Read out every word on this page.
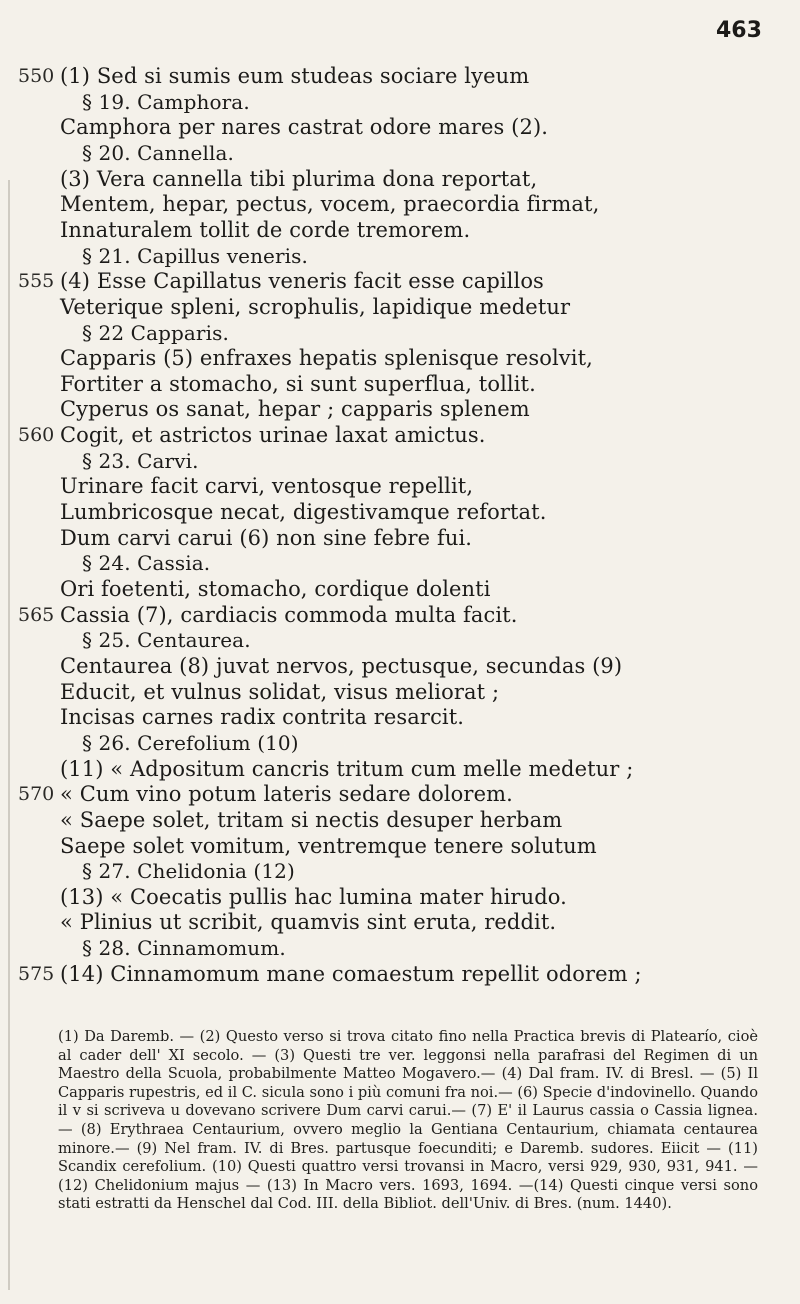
463
550 (1) Sed si sumis eum studeas sociare lyeum
§ 19. Camphora.
Camphora per nares castrat odore mares (2).
§ 20. Cannella.
(3) Vera cannella tibi plurima dona reportat,
Mentem, hepar, pectus, vocem, praecordia firmat,
Innaturalem tollit de corde tremorem.
§ 21. Capillus veneris.
555 (4) Esse Capillatus veneris facit esse capillos
Veterique spleni, scrophulis, lapidique medetur
§ 22 Capparis.
Capparis (5) enfraxes hepatis splenisque resolvit,
Fortiter a stomacho, si sunt superflua, tollit.
Cyperus os sanat, hepar ; capparis splenem
560 Cogit, et astrictos urinae laxat amictus.
§ 23. Carvi.
Urinare facit carvi, ventosque repellit,
Lumbricosque necat, digestivamque refortat.
Dum carvi carui (6) non sine febre fui.
§ 24. Cassia.
Ori foetenti, stomacho, cordique dolenti
565 Cassia (7), cardiacis commoda multa facit.
§ 25. Centaurea.
Centaurea (8) juvat nervos, pectusque, secundas (9)
Educit, et vulnus solidat, visus meliorat ;
Incisas carnes radix contrita resarcit.
§ 26. Cerefolium (10)
(11) « Adpositum cancris tritum cum melle medetur ;
570 « Cum vino potum lateris sedare dolorem.
« Saepe solet, tritam si nectis desuper herbam
Saepe solet vomitum, ventremque tenere solutum
§ 27. Chelidonia (12)
(13) « Coecatis pullis hac lumina mater hirudo.
« Plinius ut scribit, quamvis sint eruta, reddit.
§ 28. Cinnamomum.
575 (14) Cinnamomum mane comaestum repellit odorem ;

(1) Da Daremb. — (2) Questo verso si trova citato fino nella Practica brevis di Platearío, cioè al cader dell' XI secolo. — (3) Questi tre ver. leggonsi nella parafrasi del Regimen di un Maestro della Scuola, probabilmente Matteo Mogavero.— (4) Dal fram. IV. di Bresl. — (5) Il Capparis rupestris, ed il C. sicula sono i più comuni fra noi.— (6) Specie d'indovinello. Quando il v si scriveva u dovevano scrivere Dum carvi carui.— (7) E' il Laurus cassia o Cassia lignea.— (8) Erythraea Centaurium, ovvero meglio la Gentiana Centaurium, chiamata centaurea minore.— (9) Nel fram. IV. di Bres. partusque foecunditi; e Daremb. sudores. Eiicit — (11) Scandix cerefolium. (10) Questi quattro versi trovansi in Macro, versi 929, 930, 931, 941. — (12) Chelidonium majus — (13) In Macro vers. 1693, 1694. —(14) Questi cinque versi sono stati estratti da Henschel dal Cod. III. della Bibliot. dell'Univ. di Bres. (num. 1440).
